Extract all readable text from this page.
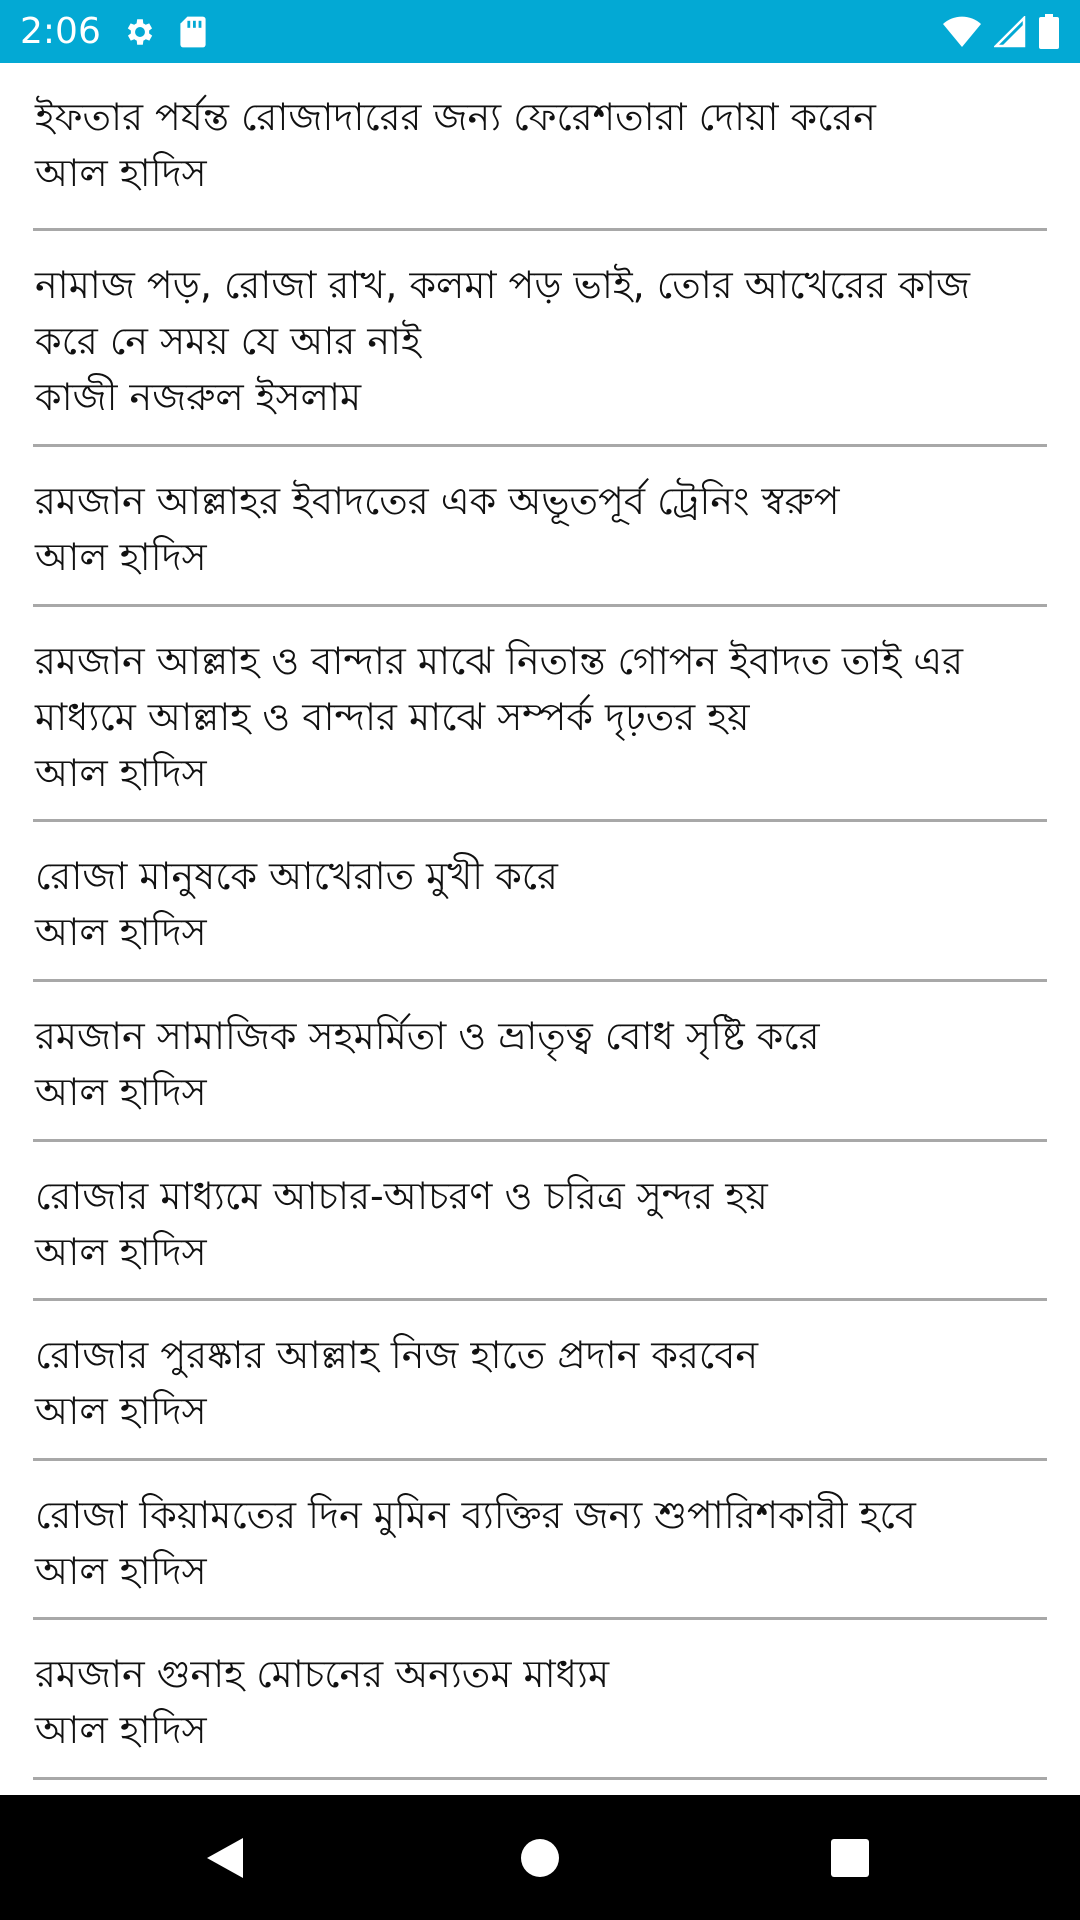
2:06
ইফতার পর্যন্ত রোজাদারের জন্য ফেরেশতারা দোয়া করেন
আল হাদিস
নামাজ পড়, রোজা রাখ, কলমা পড় ভাই, তোর আখেরের কাজ
করে নে সময় যে আর নাই
কাজী নজরুল ইসলাম
রমজান আল্লাহর ইবাদতের এক অভূতপূর্ব ট্রেনিং স্বরুপ
আল হাদিস
রমজান আল্লাহ ও বান্দার মাঝে নিতান্ত গোপন ইবাদত তাই এর
মাধ্যমে আল্লাহ ও বান্দার মাঝে সম্পর্ক দৃঢ়তর হয়
আল হাদিস
রোজা মানুষকে আখেরাত মুখী করে
আল হাদিস
রমজান সামাজিক সহমর্মিতা ও ভ্রাতৃত্ব বোধ সৃষ্টি করে
আল হাদিস
রোজার মাধ্যমে আচার-আচরণ ও চরিত্র সুন্দর হয়
আল হাদিস
রোজার পুরষ্কার আল্লাহ নিজ হাতে প্রদান করবেন
আল হাদিস
রোজা কিয়ামতের দিন মুমিন ব্যক্তির জন্য শুপারিশকারী হবে
আল হাদিস
রমজান গুনাহ মোচনের অন্যতম মাধ্যম
আল হাদিস
